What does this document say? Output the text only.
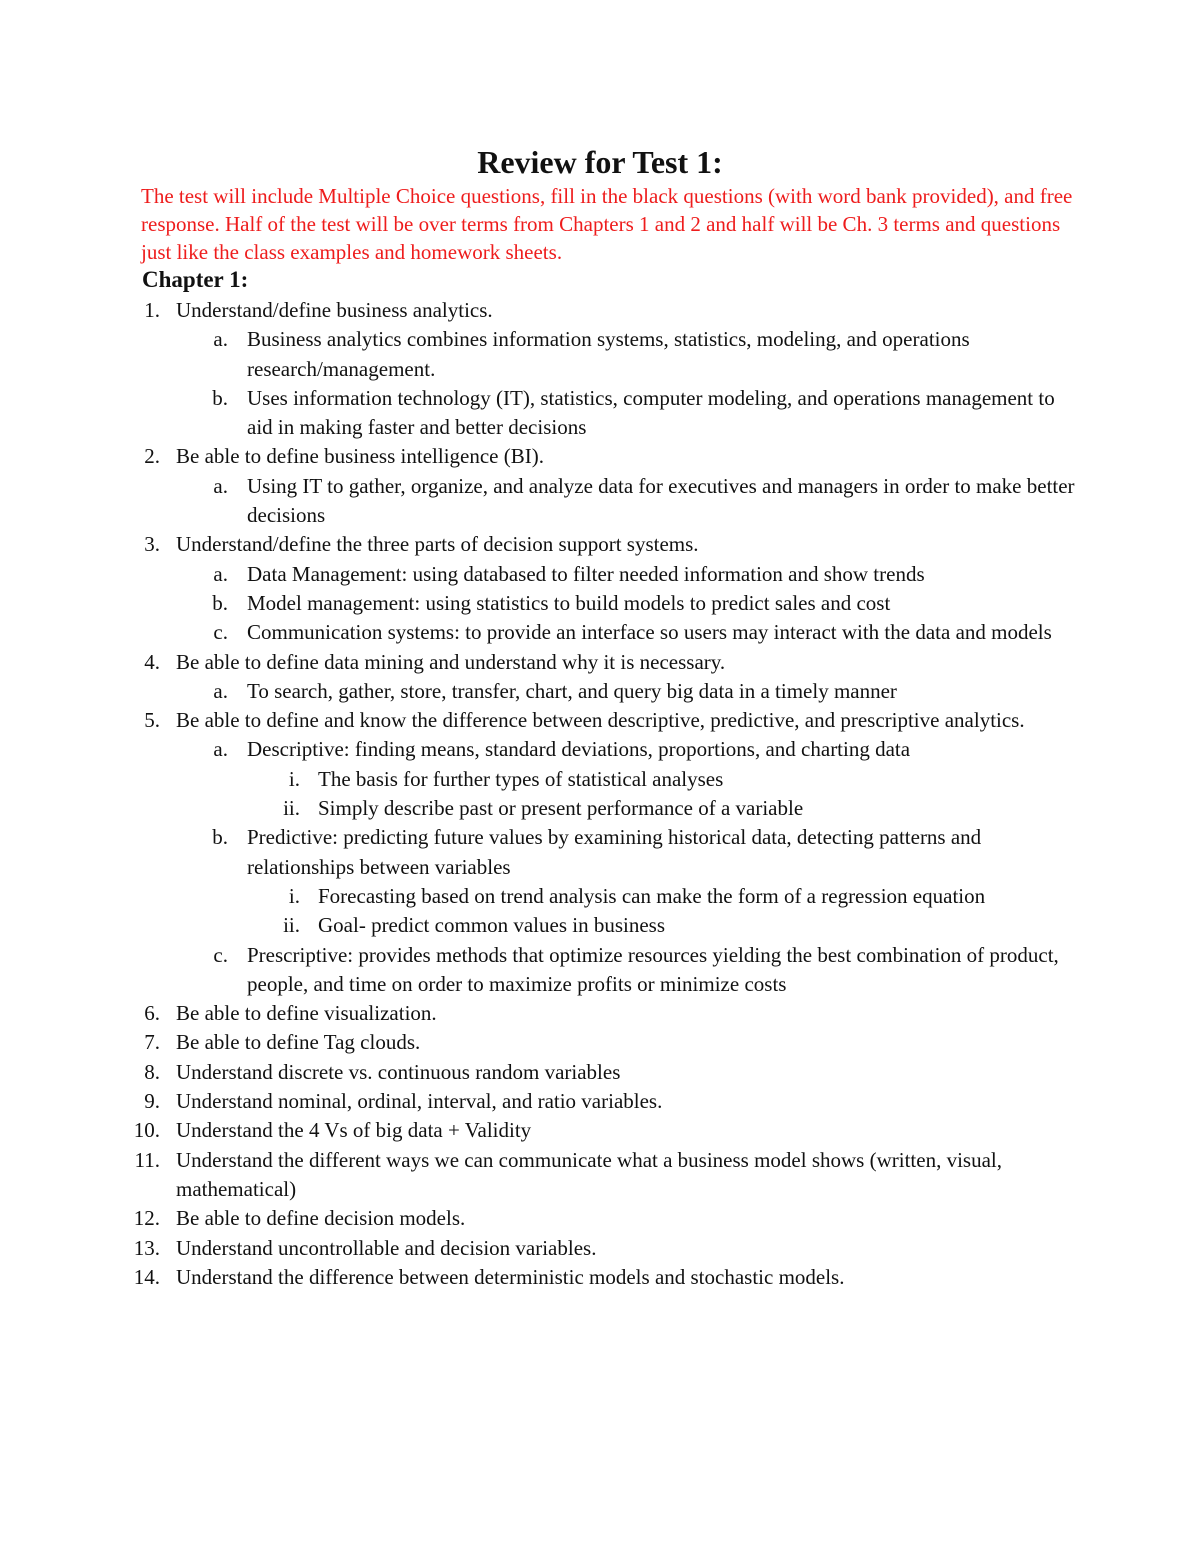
Review for Test 1:
The test will include Multiple Choice questions, fill in the black questions (with word bank provided), and free response. Half of the test will be over terms from Chapters 1 and 2 and half will be Ch. 3 terms and questions just like the class examples and homework sheets.
Chapter 1:
1. Understand/define business analytics.
a. Business analytics combines information systems, statistics, modeling, and operations research/management.
b. Uses information technology (IT), statistics, computer modeling, and operations management to aid in making faster and better decisions
2. Be able to define business intelligence (BI).
a. Using IT to gather, organize, and analyze data for executives and managers in order to make better decisions
3. Understand/define the three parts of decision support systems.
a. Data Management: using databased to filter needed information and show trends
b. Model management: using statistics to build models to predict sales and cost
c. Communication systems: to provide an interface so users may interact with the data and models
4. Be able to define data mining and understand why it is necessary.
a. To search, gather, store, transfer, chart, and query big data in a timely manner
5. Be able to define and know the difference between descriptive, predictive, and prescriptive analytics.
a. Descriptive: finding means, standard deviations, proportions, and charting data
i. The basis for further types of statistical analyses
ii. Simply describe past or present performance of a variable
b. Predictive: predicting future values by examining historical data, detecting patterns and relationships between variables
i. Forecasting based on trend analysis can make the form of a regression equation
ii. Goal- predict common values in business
c. Prescriptive: provides methods that optimize resources yielding the best combination of product, people, and time on order to maximize profits or minimize costs
6. Be able to define visualization.
7. Be able to define Tag clouds.
8. Understand discrete vs. continuous random variables
9. Understand nominal, ordinal, interval, and ratio variables.
10. Understand the 4 Vs of big data + Validity
11. Understand the different ways we can communicate what a business model shows (written, visual, mathematical)
12. Be able to define decision models.
13. Understand uncontrollable and decision variables.
14. Understand the difference between deterministic models and stochastic models.
